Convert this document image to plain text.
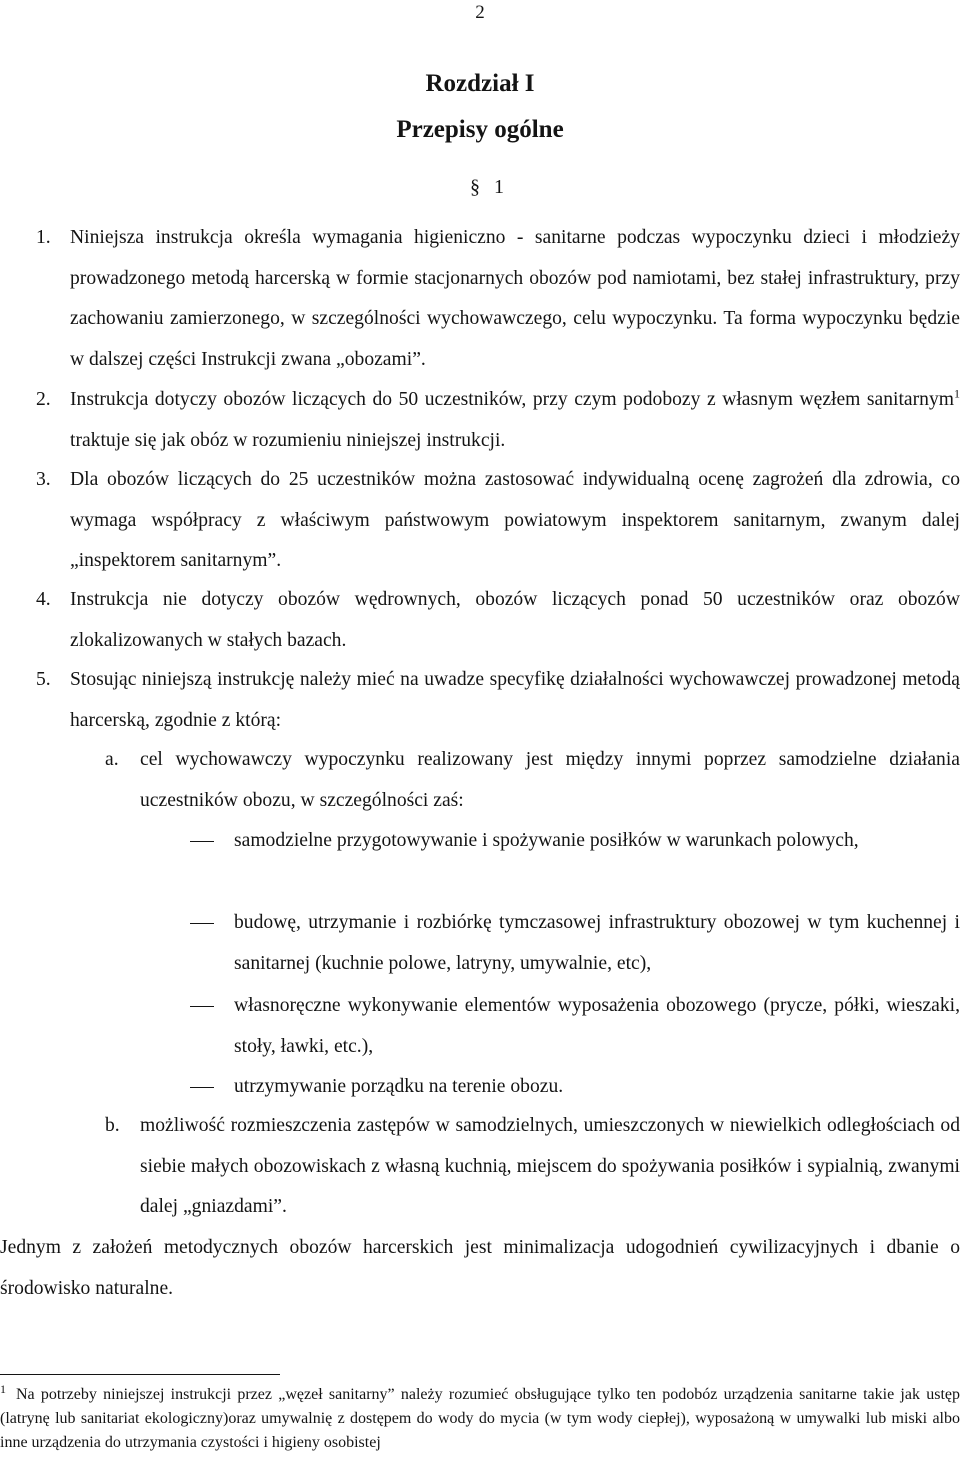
2
Rozdział I
Przepisy ogólne
§ 1
1. Niniejsza instrukcja określa wymagania higieniczno - sanitarne podczas wypoczynku dzieci i młodzieży prowadzonego metodą harcerską w formie stacjonarnych obozów pod namiotami, bez stałej infrastruktury, przy zachowaniu zamierzonego, w szczególności wychowawczego, celu wypoczynku. Ta forma wypoczynku będzie w dalszej części Instrukcji zwana „obozami”.
2. Instrukcja dotyczy obozów liczących do 50 uczestników, przy czym podobozy z własnym węzłem sanitarnym$^1$ traktuje się jak obóz w rozumieniu niniejszej instrukcji.
3. Dla obozów liczących do 25 uczestników można zastosować indywidualną ocenę zagrożeń dla zdrowia, co wymaga współpracy z właściwym państwowym powiatowym inspektorem sanitarnym, zwanym dalej „inspektorem sanitarnym”.
4. Instrukcja nie dotyczy obozów wędrownych, obozów liczących ponad 50 uczestników oraz obozów zlokalizowanych w stałych bazach.
5. Stosując niniejszą instrukcję należy mieć na uwadze specyfikę działalności wychowawczej prowadzonej metodą harcerską, zgodnie z którą:
a. cel wychowawczy wypoczynku realizowany jest między innymi poprzez samodzielne działania uczestników obozu, w szczególności zaś:
samodzielne przygotowywanie i spożywanie posiłków w warunkach polowych,
budowę, utrzymanie i rozbiórkę tymczasowej infrastruktury obozowej w tym kuchennej i sanitarnej (kuchnie polowe, latryny, umywalnie, etc),
własnoręczne wykonywanie elementów wyposażenia obozowego (prycze, półki, wieszaki, stoły, ławki, etc.),
utrzymywanie porządku na terenie obozu.
b. możliwość rozmieszczenia zastępów w samodzielnych, umieszczonych w niewielkich odległościach od siebie małych obozowiskach z własną kuchnią, miejscem do spożywania posiłków i sypialnią, zwanymi dalej „gniazdami”.
Jednym z założeń metodycznych obozów harcerskich jest minimalizacja udogodnień cywilizacyjnych i dbanie o środowisko naturalne.
$^1$ Na potrzeby niniejszej instrukcji przez „węzeł sanitarny” należy rozumieć obsługujące tylko ten podobóz urządzenia sanitarne takie jak ustęp (latrynę lub sanitariat ekologiczny)oraz umywalnię z dostępem do wody do mycia (w tym wody ciepłej), wyposażoną w umywalki lub miski albo inne urządzenia do utrzymania czystości i higieny osobistej
